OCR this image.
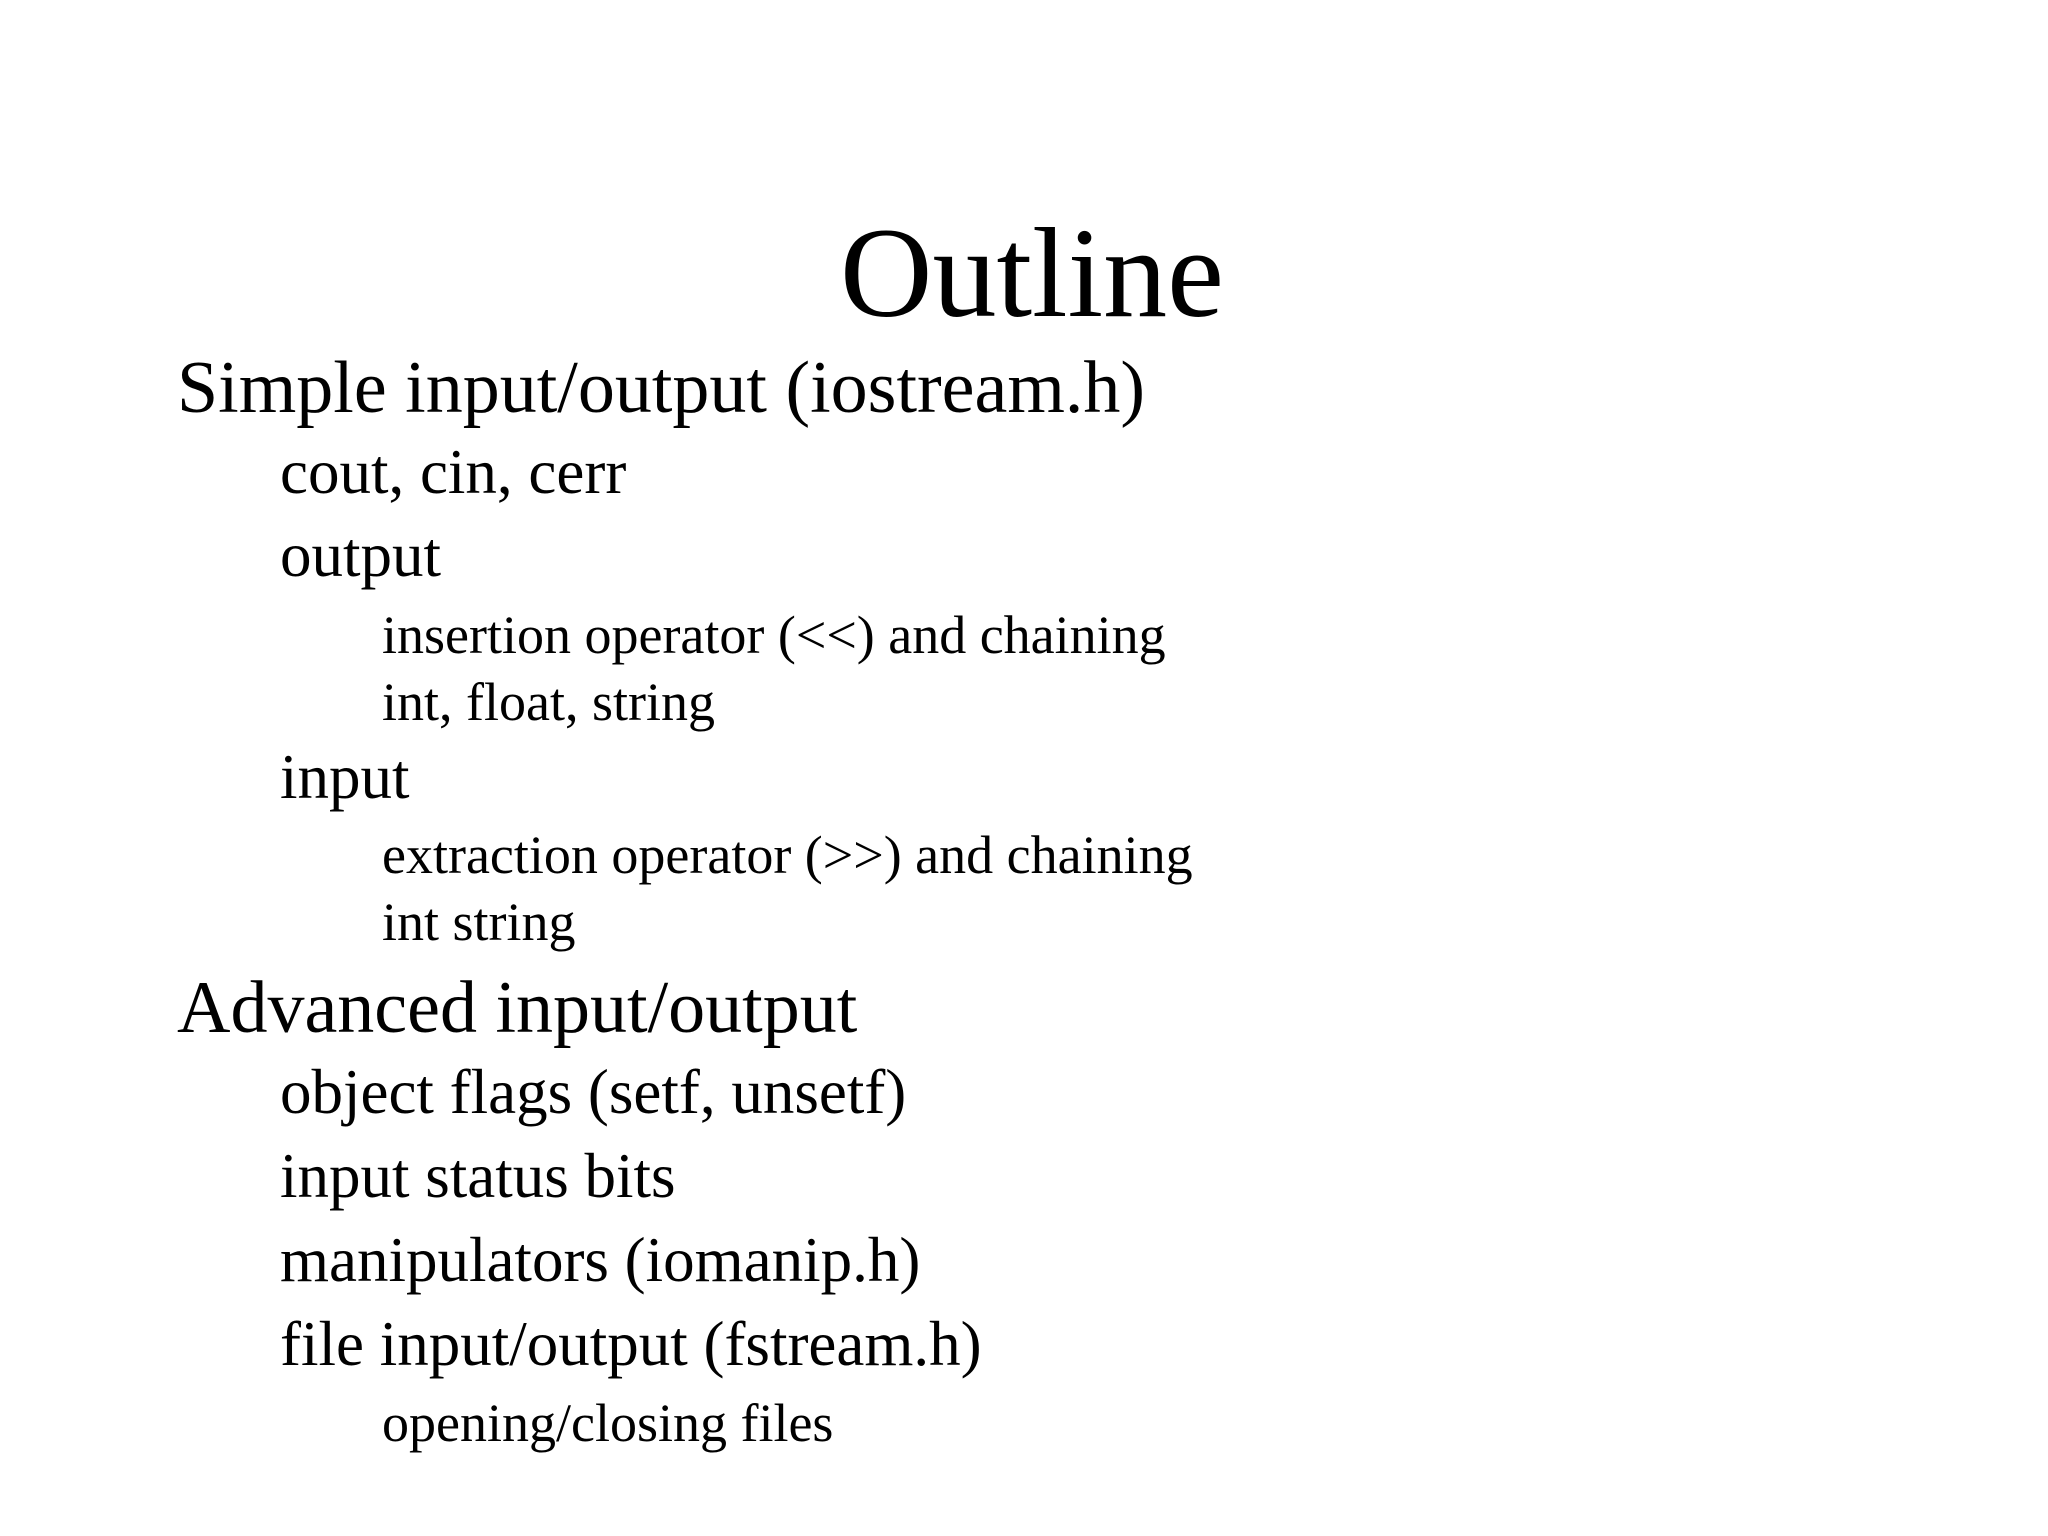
Outline
Simple input/output (iostream.h)
cout, cin, cerr
output
insertion operator (<<) and chaining
int, float, string
input
extraction operator (>>) and chaining
int string
Advanced input/output
object flags (setf, unsetf)
input status bits
manipulators (iomanip.h)
file input/output (fstream.h)
opening/closing files
